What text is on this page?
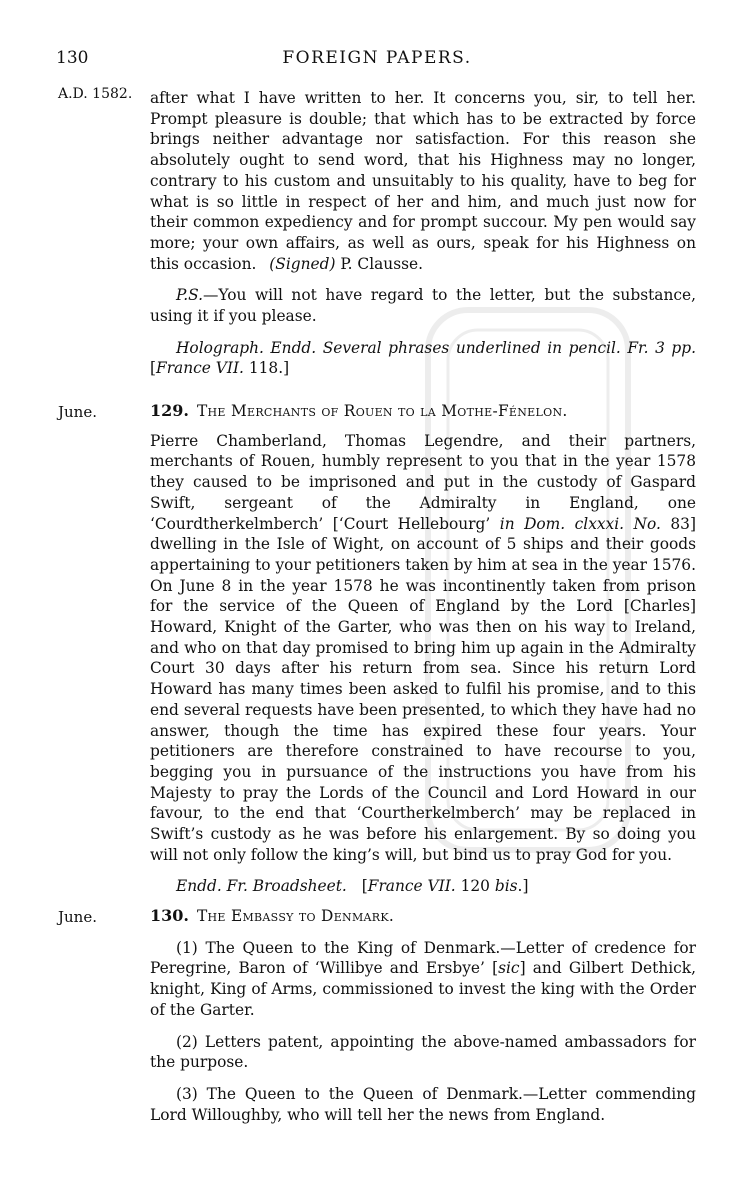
130	FOREIGN PAPERS.
A.D. 1582. after what I have written to her. It concerns you, sir, to tell her. Prompt pleasure is double; that which has to be extracted by force brings neither advantage nor satisfaction. For this reason she absolutely ought to send word, that his Highness may no longer, contrary to his custom and unsuitably to his quality, have to beg for what is so little in respect of her and him, and much just now for their common expediency and for prompt succour. My pen would say more; your own affairs, as well as ours, speak for his Highness on this occasion. (Signed) P. Clausse.

P.S.—You will not have regard to the letter, but the substance, using it if you please.

Holograph. Endd. Several phrases underlined in pencil. Fr. 3 pp. [France VII. 118.]

June.	129. The Merchants of Rouen to la Mothe-Fénelon.

Pierre Chamberland, Thomas Legendre, and their partners, merchants of Rouen, humbly represent to you that in the year 1578 they caused to be imprisoned and put in the custody of Gaspard Swift, sergeant of the Admiralty in England, one ‘Courdtherkelmberch’ [‘Court Hellebourg’ in Dom. clxxxi. No. 83] dwelling in the Isle of Wight, on account of 5 ships and their goods appertaining to your petitioners taken by him at sea in the year 1576. On June 8 in the year 1578 he was incontinently taken from prison for the service of the Queen of England by the Lord [Charles] Howard, Knight of the Garter, who was then on his way to Ireland, and who on that day promised to bring him up again in the Admiralty Court 30 days after his return from sea. Since his return Lord Howard has many times been asked to fulfil his promise, and to this end several requests have been presented, to which they have had no answer, though the time has expired these four years. Your petitioners are therefore constrained to have recourse to you, begging you in pursuance of the instructions you have from his Majesty to pray the Lords of the Council and Lord Howard in our favour, to the end that ‘Courtherkelmberch’ may be replaced in Swift’s custody as he was before his enlargement. By so doing you will not only follow the king’s will, but bind us to pray God for you.

Endd. Fr. Broadsheet. [France VII. 120 bis.]

June.	130. The Embassy to Denmark.

(1) The Queen to the King of Denmark.—Letter of credence for Peregrine, Baron of ‘Willibye and Ersbye’ [sic] and Gilbert Dethick, knight, King of Arms, commissioned to invest the king with the Order of the Garter.

(2) Letters patent, appointing the above-named ambassadors for the purpose.

(3) The Queen to the Queen of Denmark.—Letter commending Lord Willoughby, who will tell her the news from England.
